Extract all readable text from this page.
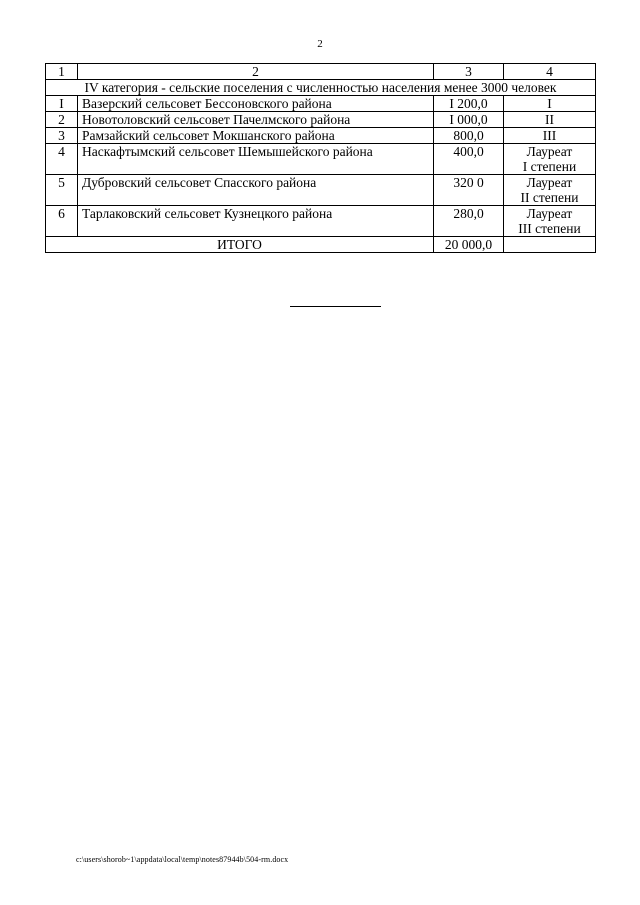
2
1	2	3	4
IV категория - сельские поселения с численностью населения менее 3000 человек			
I	Вазерский сельсовет Бессоновского района	I 200,0	I

2	Новотоловский сельсовет Пачелмского района	I 000,0	II

3	Рамзайский сельсовет Мокшанского района	800,0	III

4	Наскафтымский сельсовет Шемышейского района	400,0	Лауреат
I степени

5	Дубровский сельсовет Спасского района	320 0	Лауреат
II степени

6	Тарлаковский сельсовет Кузнецкого района	280,0	Лауреат
III степени

ИТОГО		20 000,0	
c:\users\shorob~1\appdata\local\temp\notes87944b\504-rm.docx
